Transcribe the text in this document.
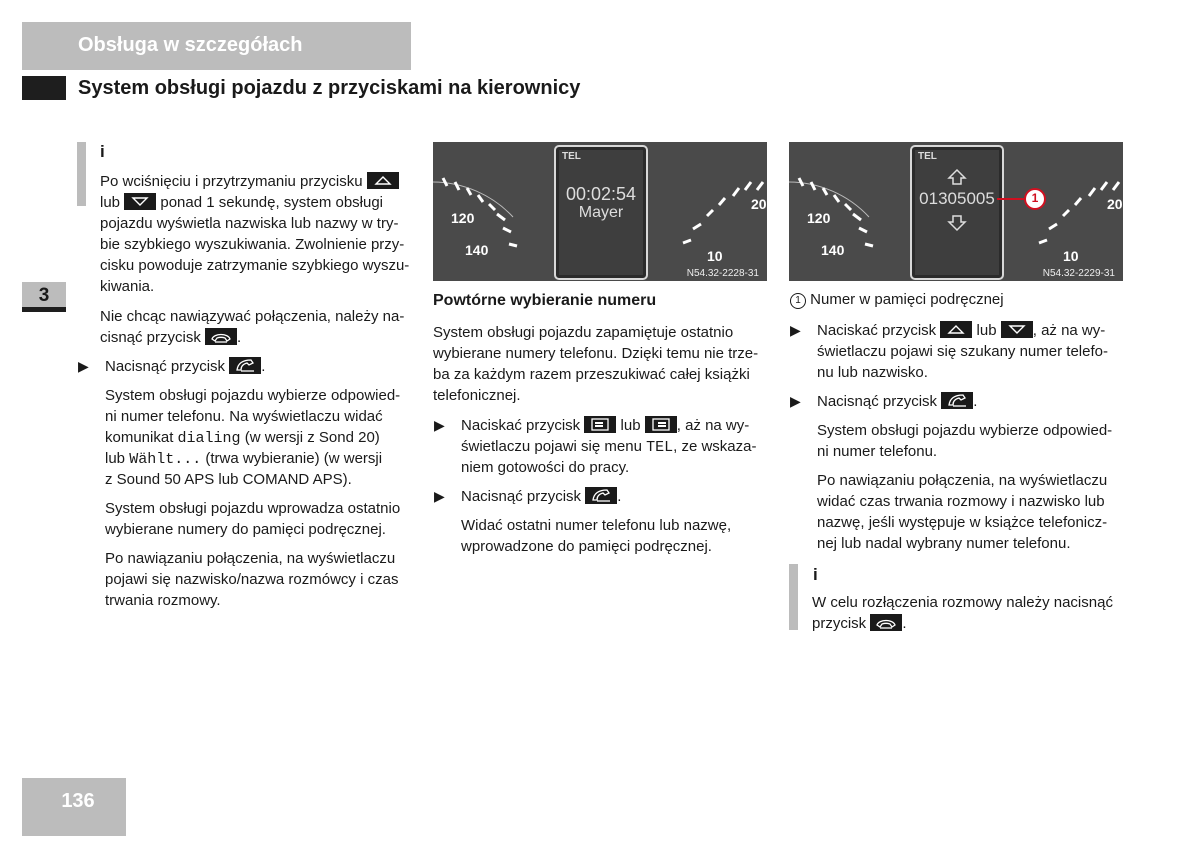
Obsługa w szczegółach
System obsługi pojazdu z przyciskami na kierownicy
3
136
i

Po wciśnięciu i przytrzymaniu przycisku

lub	ponad 1 sekundę, system obsługi

pojazdu wyświetla nazwiska lub nazwy w try-

bie szybkiego wyszukiwania. Zwolnienie przy-

cisku powoduje zatrzymanie szybkiego wyszu-

kiwania.

Nie chcąc nawiązywać połączenia, należy na-

cisnąć przycisk .

▶ Nacisnąć przycisk .

System obsługi pojazdu wybierze odpowied-

ni numer telefonu. Na wyświetlaczu widać

komunikat dialing (w wersji z Sond 20)

lub Wählt... (trwa wybieranie) (w wersji

z Sound 50 APS lub COMAND APS).

System obsługi pojazdu wprowadza ostatnio

wybierane numery do pamięci podręcznej.

Po nawiązaniu połączenia, na wyświetlaczu

pojawi się nazwisko/nazwa rozmówcy i czas

trwania rozmowy.

TEL
00:02:54
Mayer
120
140
20
10
N54.32-2228-31
Powtórne wybieranie numeru

System obsługi pojazdu zapamiętuje ostatnio

wybierane numery telefonu. Dzięki temu nie trze-

ba za każdym razem przeszukiwać całej książki

telefonicznej.

▶ Naciskać przycisk	lub , aż na wy-

świetlaczu pojawi się menu TEL, ze wskaza-

niem gotowości do pracy.

▶ Nacisnąć przycisk .

Widać ostatni numer telefonu lub nazwę,

wprowadzone do pamięci podręcznej.

TEL
01305005	1
120
140
20
10
N54.32-2229-31

1 Numer w pamięci podręcznej

▶ Naciskać przycisk	lub , aż na wy-

świetlaczu pojawi się szukany numer telefo-

nu lub nazwisko.

▶ Nacisnąć przycisk .

System obsługi pojazdu wybierze odpowied-

ni numer telefonu.

Po nawiązaniu połączenia, na wyświetlaczu

widać czas trwania rozmowy i nazwisko lub

nazwę, jeśli występuje w książce telefonicz-

nej lub nadal wybrany numer telefonu.

i

W celu rozłączenia rozmowy należy nacisnąć

przycisk .
